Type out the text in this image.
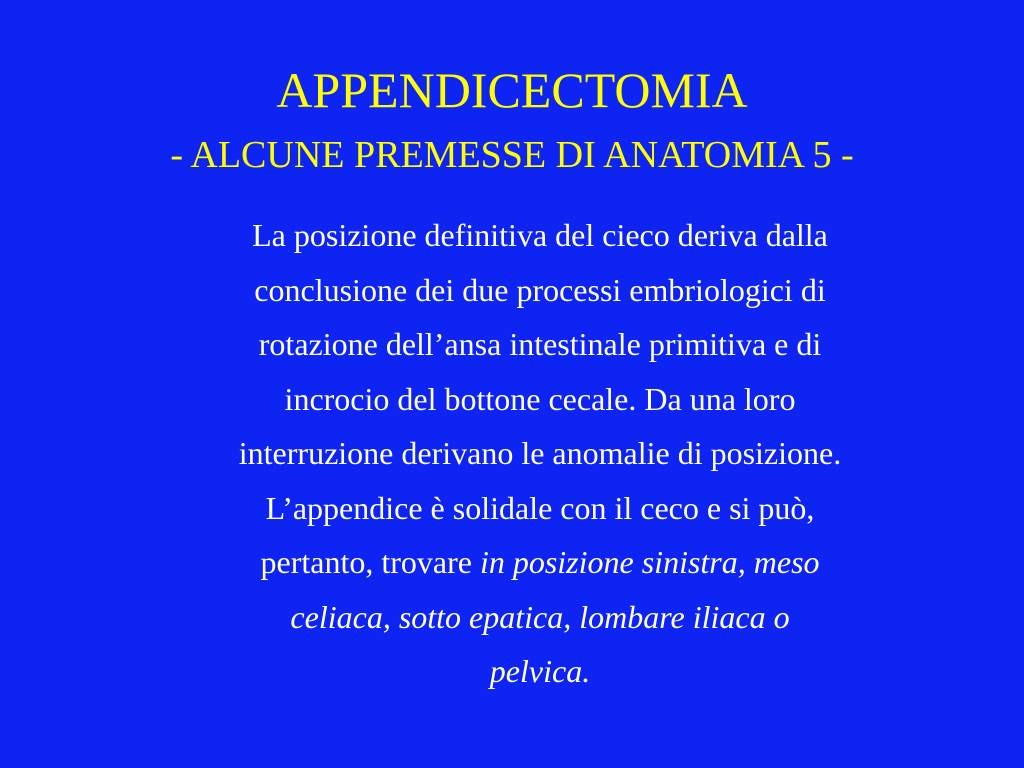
APPENDICECTOMIA
- ALCUNE PREMESSE DI ANATOMIA 5 -
La posizione definitiva del cieco deriva dalla
conclusione dei due processi embriologici di
rotazione dell’ansa intestinale primitiva e di
incrocio del bottone cecale. Da una loro
interruzione derivano le anomalie di posizione.
L’appendice è solidale con il ceco e si può,
pertanto, trovare in posizione sinistra, meso
celiaca, sotto epatica, lombare iliaca o
pelvica.
